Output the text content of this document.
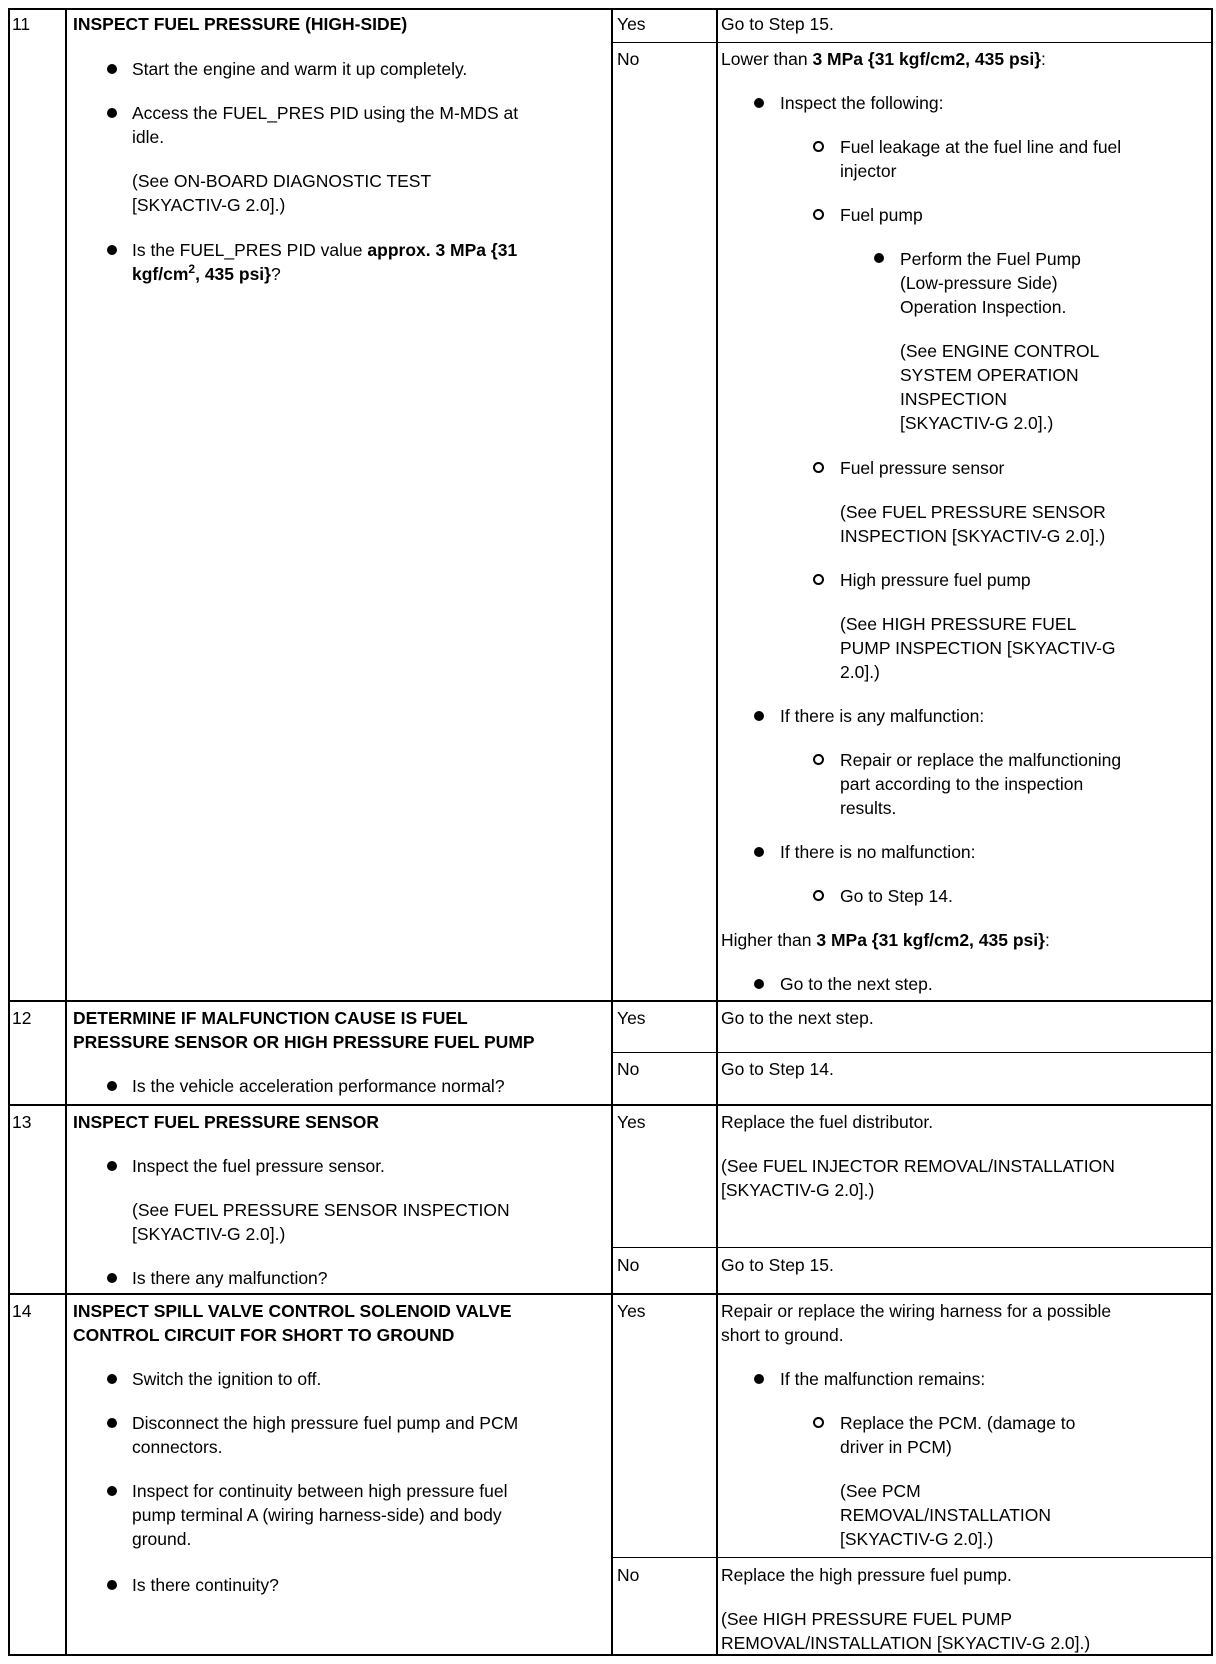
11 INSPECT FUEL PRESSURE (HIGH-SIDE)
Start the engine and warm it up completely.
Access the FUEL_PRES PID using the M-MDS at
idle.
(See ON-BOARD DIAGNOSTIC TEST
[SKYACTIV-G 2.0].)
Is the FUEL_PRES PID value approx. 3 MPa {31
kgf/$cm^2$, 435 psi}?
Yes	Go to Step 15.
No	Lower than 3 MPa {31 kgf/cm2, 435 psi}:
Inspect the following:
Fuel leakage at the fuel line and fuel
injector
Fuel pump
Perform the Fuel Pump
(Low-pressure Side)
Operation Inspection.
(See ENGINE CONTROL
SYSTEM OPERATION
INSPECTION
[SKYACTIV-G 2.0].)
Fuel pressure sensor
(See FUEL PRESSURE SENSOR
INSPECTION [SKYACTIV-G 2.0].)
High pressure fuel pump
(See HIGH PRESSURE FUEL
PUMP INSPECTION [SKYACTIV-G
2.0].)
If there is any malfunction:
Repair or replace the malfunctioning
part according to the inspection
results.
If there is no malfunction:
Go to Step 14.
Higher than 3 MPa {31 kgf/cm2, 435 psi}:
Go to the next step.
12 DETERMINE IF MALFUNCTION CAUSE IS FUEL
PRESSURE SENSOR OR HIGH PRESSURE FUEL PUMP
Is the vehicle acceleration performance normal?
Yes	Go to the next step.
No	Go to Step 14.
13 INSPECT FUEL PRESSURE SENSOR
Inspect the fuel pressure sensor.
(See FUEL PRESSURE SENSOR INSPECTION
[SKYACTIV-G 2.0].)
Is there any malfunction?
Yes	Replace the fuel distributor.
(See FUEL INJECTOR REMOVAL/INSTALLATION
[SKYACTIV-G 2.0].)
No	Go to Step 15.
14 INSPECT SPILL VALVE CONTROL SOLENOID VALVE
CONTROL CIRCUIT FOR SHORT TO GROUND
Switch the ignition to off.
Disconnect the high pressure fuel pump and PCM
connectors.
Inspect for continuity between high pressure fuel
pump terminal A (wiring harness-side) and body
ground.
Is there continuity?
Yes	Repair or replace the wiring harness for a possible
short to ground.
If the malfunction remains:
Replace the PCM. (damage to
driver in PCM)
(See PCM
REMOVAL/INSTALLATION
[SKYACTIV-G 2.0].)
No	Replace the high pressure fuel pump.
(See HIGH PRESSURE FUEL PUMP
REMOVAL/INSTALLATION [SKYACTIV-G 2.0].)
